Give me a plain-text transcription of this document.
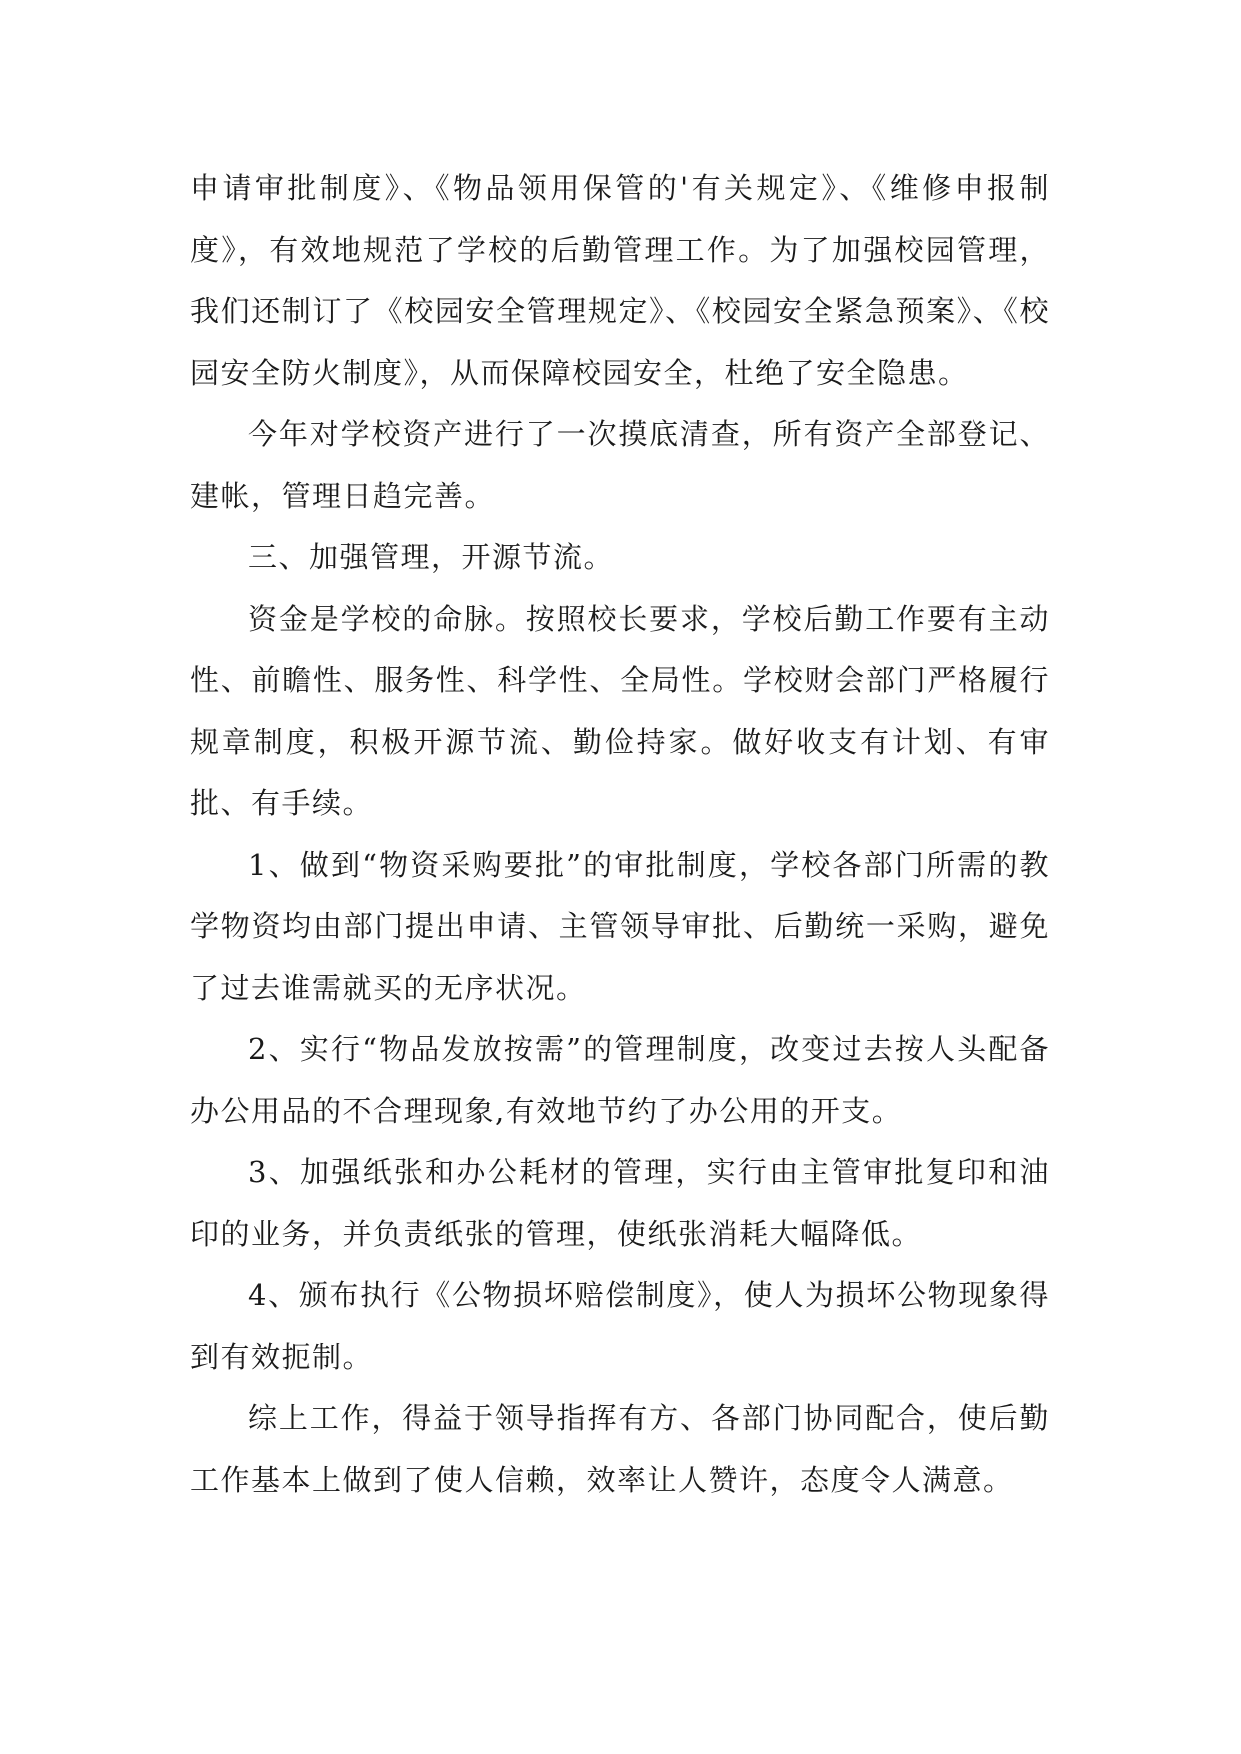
申请审批制度》、《物品领用保管的'有关规定》、《维修申报制度》，有效地规范了学校的后勤管理工作。为了加强校园管理，我们还制订了《校园安全管理规定》、《校园安全紧急预案》、《校园安全防火制度》，从而保障校园安全，杜绝了安全隐患。

今年对学校资产进行了一次摸底清查，所有资产全部登记、建帐，管理日趋完善。

三、加强管理，开源节流。

资金是学校的命脉。按照校长要求，学校后勤工作要有主动性、前瞻性、服务性、科学性、全局性。学校财会部门严格履行规章制度，积极开源节流、勤俭持家。做好收支有计划、有审批、有手续。

1、做到“物资采购要批”的审批制度，学校各部门所需的教学物资均由部门提出申请、主管领导审批、后勤统一采购，避免了过去谁需就买的无序状况。

2、实行“物品发放按需”的管理制度，改变过去按人头配备办公用品的不合理现象,有效地节约了办公用的开支。

3、加强纸张和办公耗材的管理，实行由主管审批复印和油印的业务，并负责纸张的管理，使纸张消耗大幅降低。

4、颁布执行《公物损坏赔偿制度》，使人为损坏公物现象得到有效扼制。

综上工作，得益于领导指挥有方、各部门协同配合，使后勤工作基本上做到了使人信赖，效率让人赞许，态度令人满意。
